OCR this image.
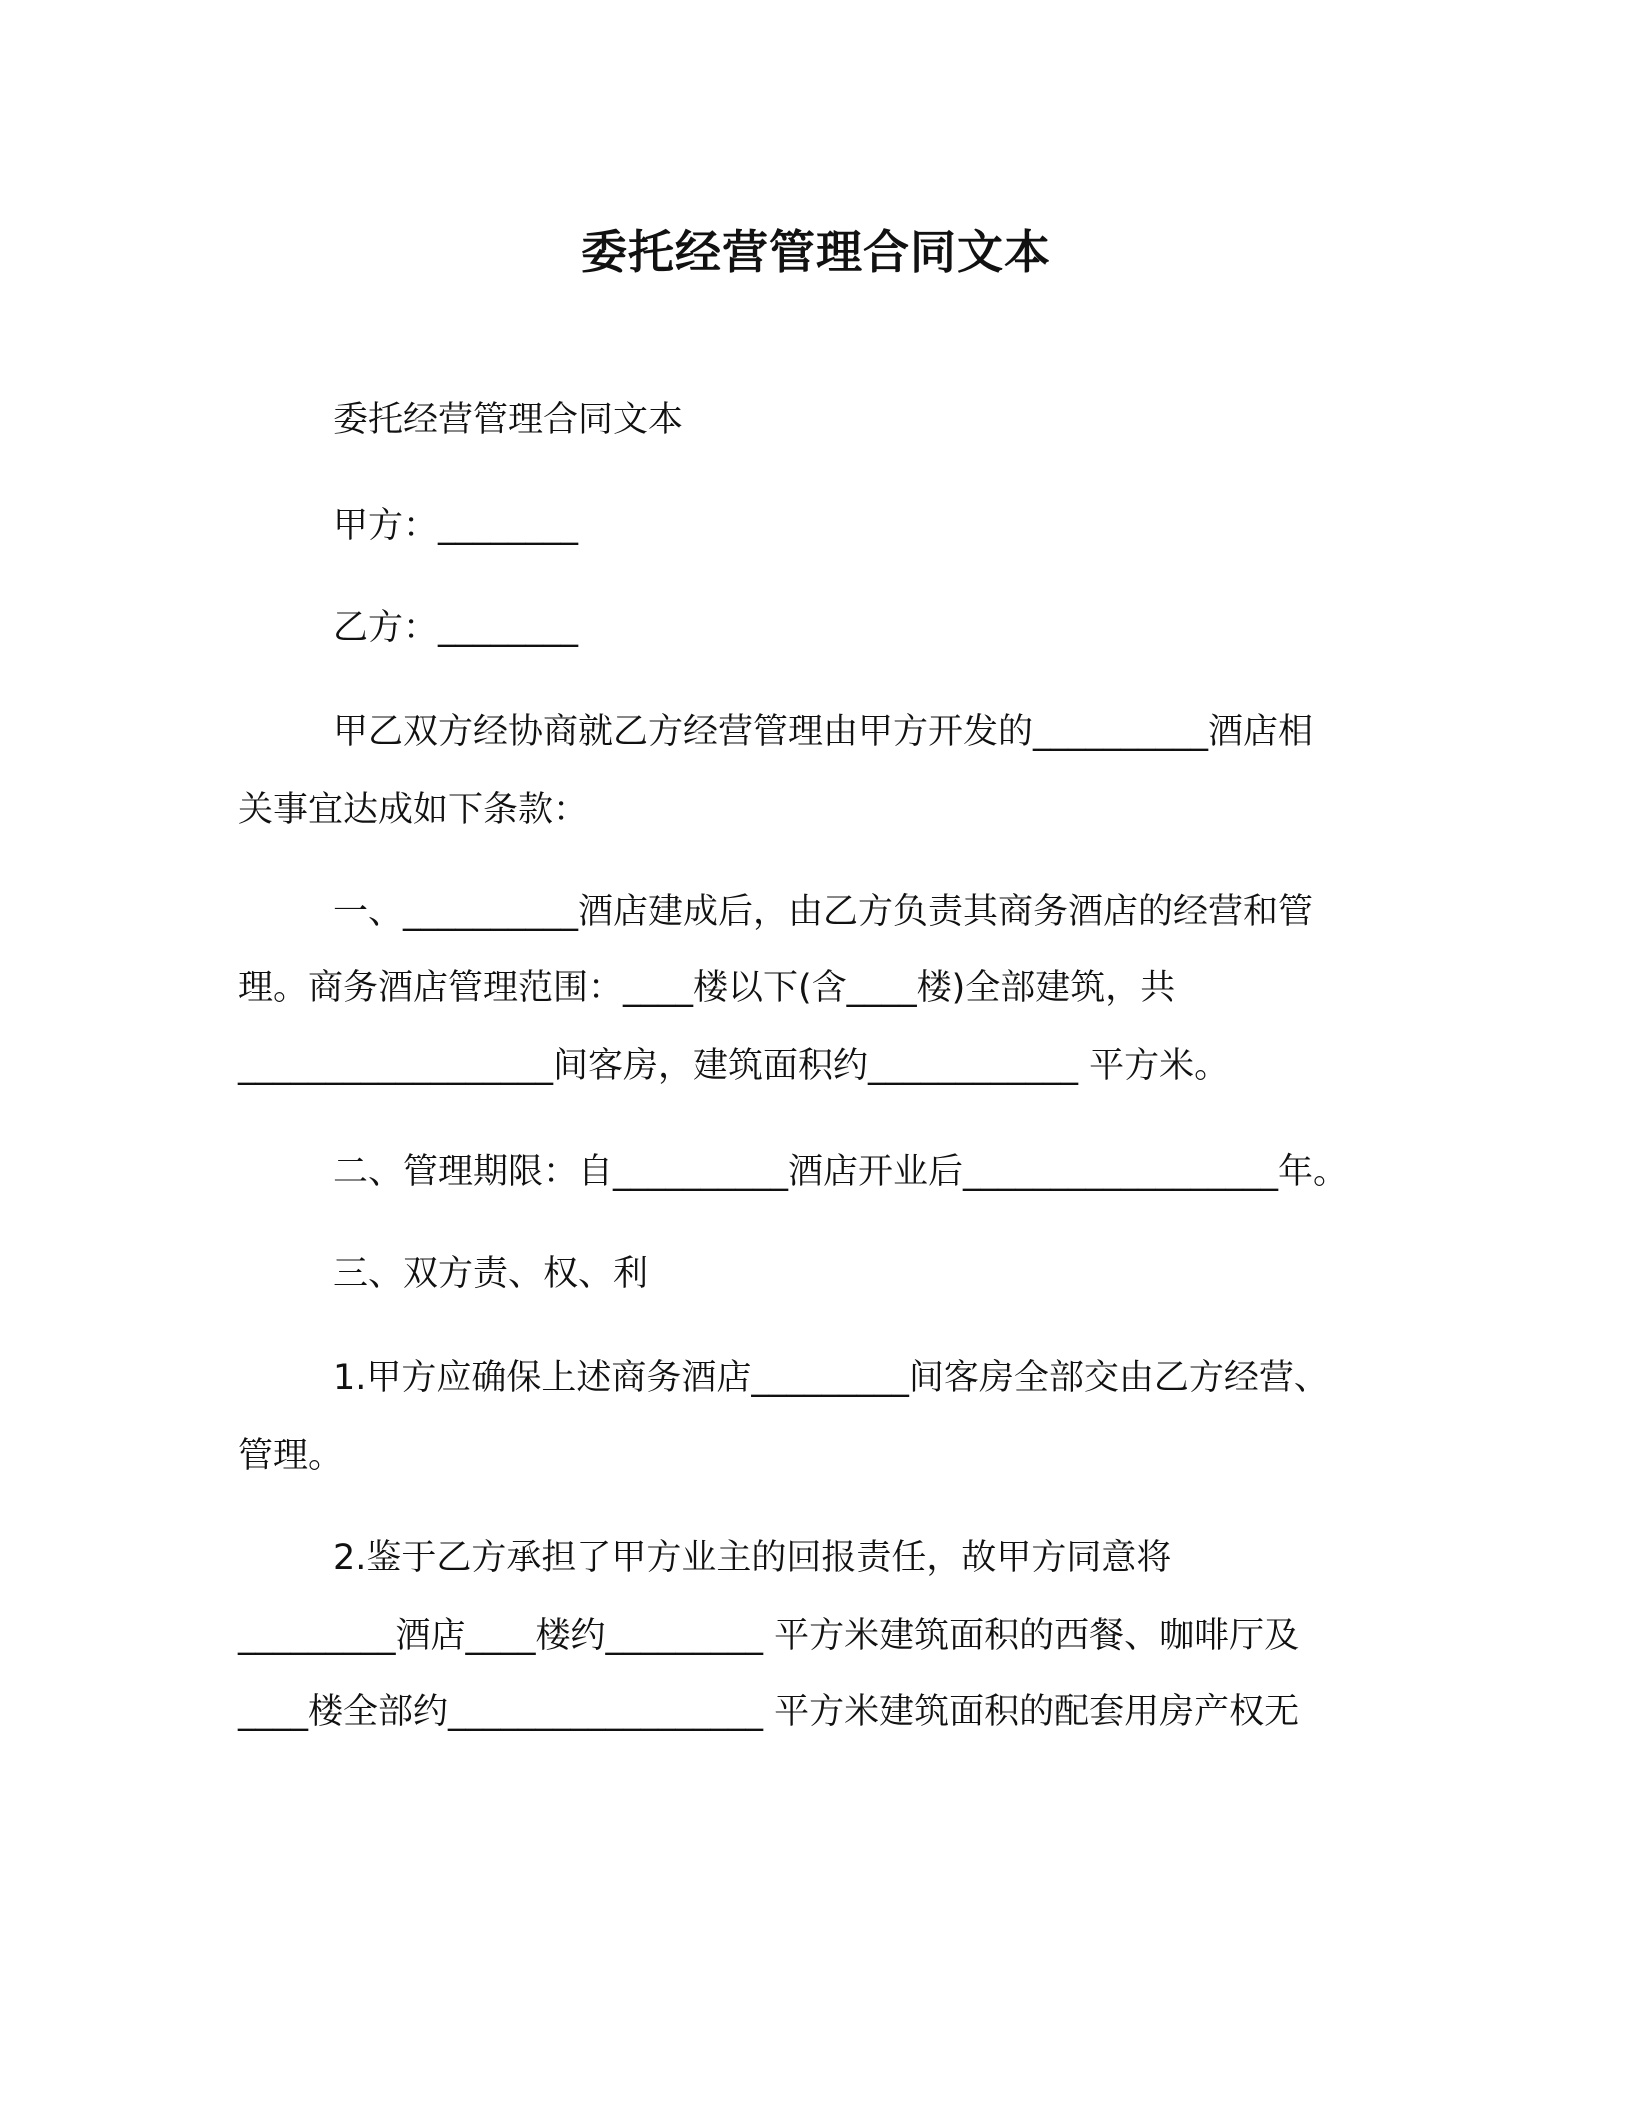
委托经营管理合同文本
委托经营管理合同文本
甲方：________
乙方：________
甲乙双方经协商就乙方经营管理由甲方开发的__________酒店相
关事宜达成如下条款：
一、__________酒店建成后，由乙方负责其商务酒店的经营和管
理。商务酒店管理范围：____楼以下(含____楼)全部建筑，共
__________________间客房，建筑面积约____________ 平方米。
二、管理期限：自__________酒店开业后__________________年。
三、双方责、权、利
1.甲方应确保上述商务酒店_________间客房全部交由乙方经营、
管理。
2.鉴于乙方承担了甲方业主的回报责任，故甲方同意将
_________酒店____楼约_________ 平方米建筑面积的西餐、咖啡厅及
____楼全部约__________________ 平方米建筑面积的配套用房产权无
